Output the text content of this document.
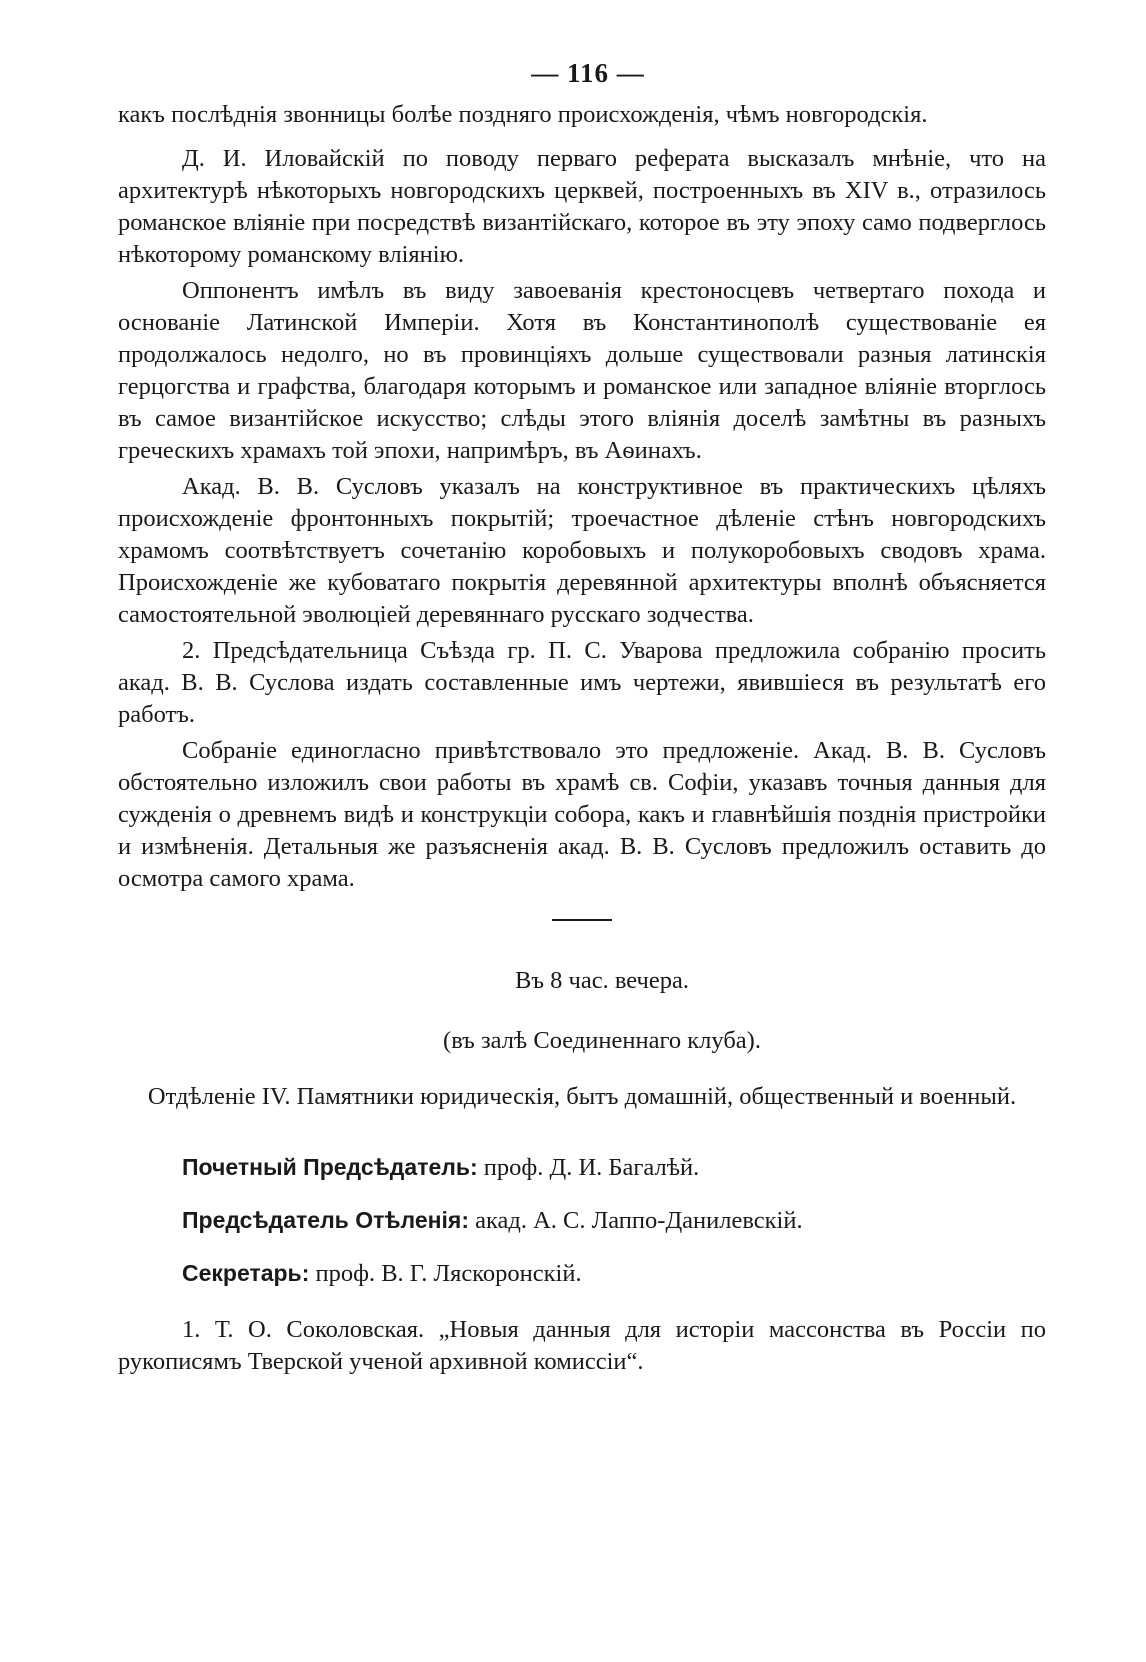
— 116 —

какъ послѣднія звонницы болѣе поздняго происхожденія, чѣмъ новгородскія.

Д. И. Иловайскій по поводу перваго реферата высказалъ мнѣніе, что на архитектурѣ нѣкоторыхъ новгородскихъ церквей, построенныхъ въ XIV в., отразилось романское вліяніе при посредствѣ византійскаго, которое въ эту эпоху само подверглось нѣкоторому романскому вліянію.

Оппонентъ имѣлъ въ виду завоеванія крестоносцевъ четвертаго похода и основаніе Латинской Имперіи. Хотя въ Константинополѣ существованіе ея продолжалось недолго, но въ провинціяхъ дольше существовали разныя латинскія герцогства и графства, благодаря которымъ и романское или западное вліяніе вторглось въ самое византійское искусство; слѣды этого вліянія доселѣ замѣтны въ разныхъ греческихъ храмахъ той эпохи, напримѣръ, въ Аѳинахъ.

Акад. В. В. Сусловъ указалъ на конструктивное въ практическихъ цѣляхъ происхожденіе фронтонныхъ покрытій; троечастное дѣленіе стѣнъ новгородскихъ храмомъ соотвѣтствуетъ сочетанію коробовыхъ и полукоробовыхъ сводовъ храма. Происхожденіе же кубоватаго покрытія деревянной архитектуры вполнѣ объясняется самостоятельной эволюціей деревяннаго русскаго зодчества.

2. Предсѣдательница Съѣзда гр. П. С. Уварова предложила собранію просить акад. В. В. Суслова издать составленные имъ чертежи, явившіеся въ результатѣ его работъ.

Собраніе единогласно привѣтствовало это предложеніе. Акад. В. В. Сусловъ обстоятельно изложилъ свои работы въ храмѣ св. Софіи, указавъ точныя данныя для сужденія о древнемъ видѣ и конструкціи собора, какъ и главнѣйшія позднія пристройки и измѣненія. Детальныя же разъясненія акад. В. В. Сусловъ предложилъ оставить до осмотра самого храма.

Въ 8 час. вечера.

(въ залѣ Соединеннаго клуба).

Отдѣленіе IV. Памятники юридическія, бытъ домашній, общественный и военный.

Почетный Предсѣдатель: проф. Д. И. Багалѣй.

Предсѣдатель Отѣленія: акад. А. С. Лаппо-Данилевскій.

Секретарь: проф. В. Г. Ляскоронскій.

1. Т. О. Соколовская. „Новыя данныя для исторіи массонства въ Россіи по рукописямъ Тверской ученой архивной комиссіи“.
